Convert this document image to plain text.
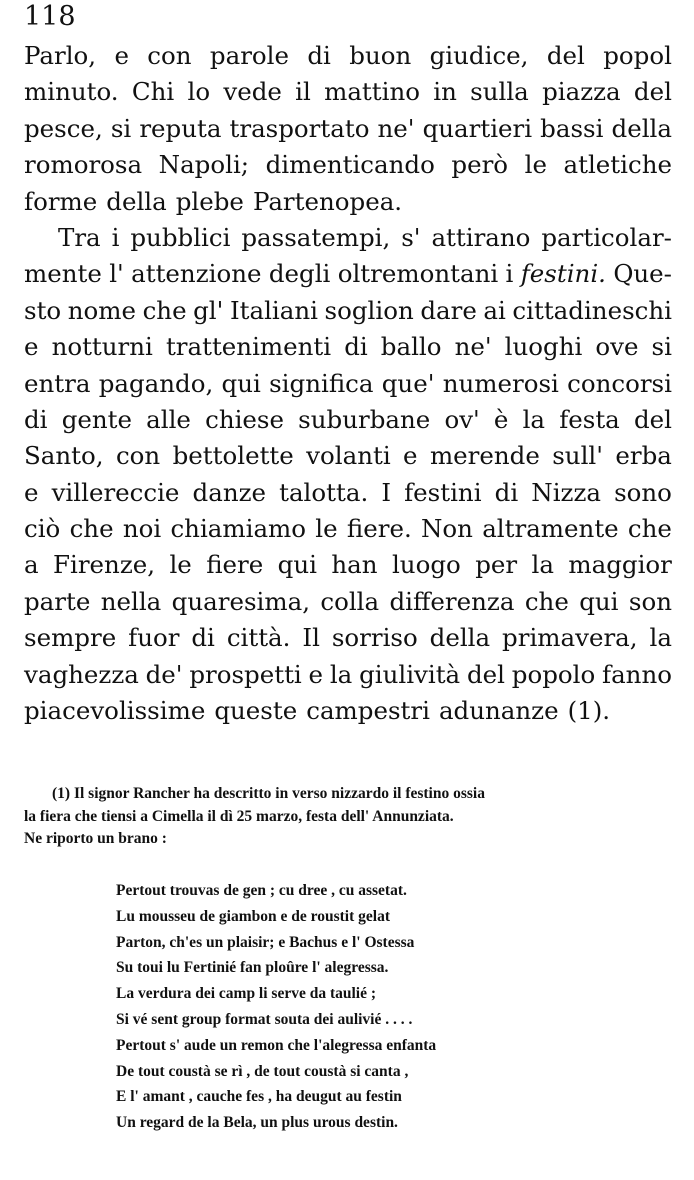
118
Parlo, e con parole di buon giudice, del popol
minuto. Chi lo vede il mattino in sulla piazza del
pesce, si reputa trasportato ne' quartieri bassi della
romorosa Napoli; dimenticando però le atletiche
forme della plebe Partenopea.
Tra i pubblici passatempi, s' attirano particolar-
mente l' attenzione degli oltremontani i festini. Que-
sto nome che gl' Italiani soglion dare ai cittadineschi
e notturni trattenimenti di ballo ne' luoghi ove si
entra pagando, qui significa que' numerosi concorsi
di gente alle chiese suburbane ov' è la festa del
Santo, con bettolette volanti e merende sull' erba
e villereccie danze talotta. I festini di Nizza sono
ciò che noi chiamiamo le fiere. Non altramente che
a Firenze, le fiere qui han luogo per la maggior
parte nella quaresima, colla differenza che qui son
sempre fuor di città. Il sorriso della primavera, la
vaghezza de' prospetti e la giulività del popolo fanno
piacevolissime queste campestri adunanze (1).
(1) Il signor Rancher ha descritto in verso nizzardo il festino ossia
la fiera che tiensi a Cimella il dì 25 marzo, festa dell' Annunziata.
Ne riporto un brano :
Pertout trouvas de gen ; cu dree , cu assetat.
Lu mousseu de giambon e de roustit gelat
Parton, ch'es un plaisir; e Bachus e l' Ostessa
Su toui lu Fertinié fan ploûre l' alegressa.
La verdura dei camp li serve da taulié ;
Si vé sent group format souta dei aulivié . . . .
Pertout s' aude un remon che l'alegressa enfanta
De tout coustà se rì , de tout coustà si canta ,
E l' amant , cauche fes , ha deugut au festin
Un regard de la Bela, un plus urous destin.
